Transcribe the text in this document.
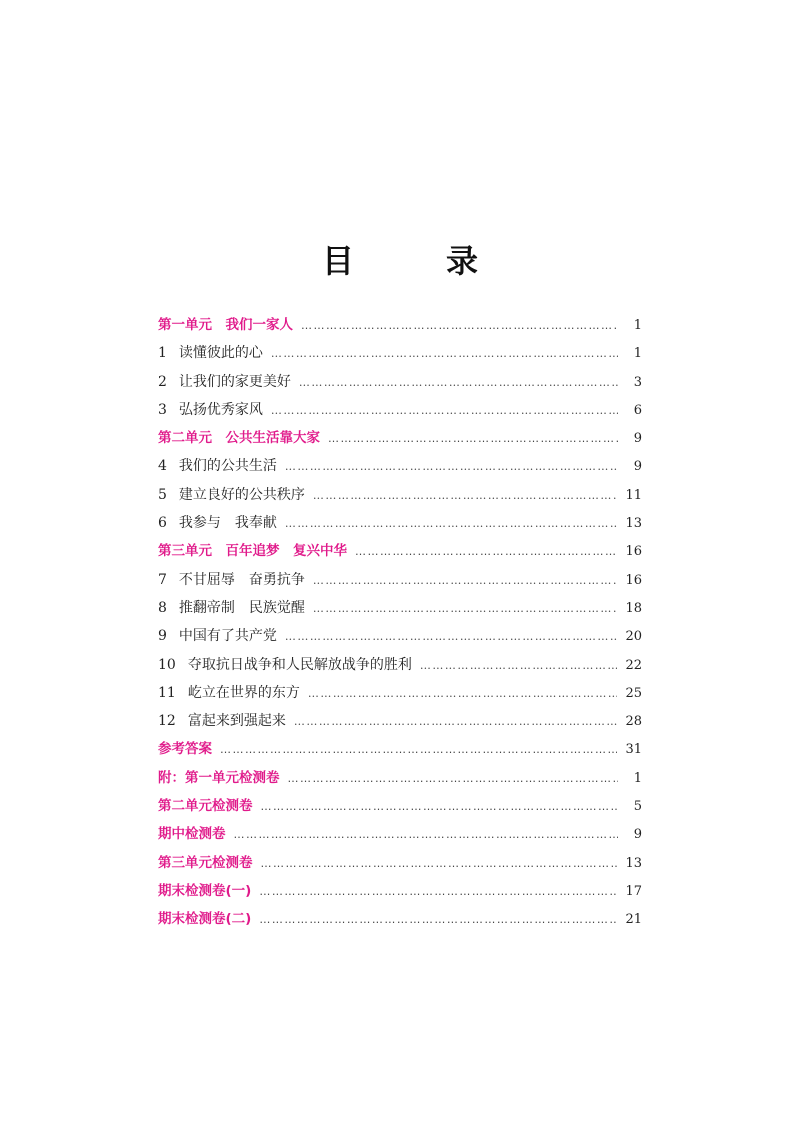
目　录
第一单元　我们一家人 …………………………………………………………………………………………………………………………………………………………………………………………………	1
1 读懂彼此的心 …………………………………………………………………………………………………………………………………………………………………………………………………	1
2 让我们的家更美好 …………………………………………………………………………………………………………………………………………………………………………………………………	3
3 弘扬优秀家风 …………………………………………………………………………………………………………………………………………………………………………………………………	6
第二单元　公共生活靠大家 …………………………………………………………………………………………………………………………………………………………………………………………………	9
4 我们的公共生活 …………………………………………………………………………………………………………………………………………………………………………………………………	9
5 建立良好的公共秩序 …………………………………………………………………………………………………………………………………………………………………………………………………	11
6 我参与　我奉献 …………………………………………………………………………………………………………………………………………………………………………………………………	13
第三单元　百年追梦　复兴中华 …………………………………………………………………………………………………………………………………………………………………………………………………	16
7 不甘屈辱　奋勇抗争 …………………………………………………………………………………………………………………………………………………………………………………………………	16
8 推翻帝制　民族觉醒 …………………………………………………………………………………………………………………………………………………………………………………………………	18
9 中国有了共产党 …………………………………………………………………………………………………………………………………………………………………………………………………	20
10 夺取抗日战争和人民解放战争的胜利 …………………………………………………………………………………………………………………………………………………………………………………………………	22
11 屹立在世界的东方 …………………………………………………………………………………………………………………………………………………………………………………………………	25
12 富起来到强起来 …………………………………………………………………………………………………………………………………………………………………………………………………	28
参考答案 …………………………………………………………………………………………………………………………………………………………………………………………………	31
附：第一单元检测卷 …………………………………………………………………………………………………………………………………………………………………………………………………	1
第二单元检测卷 …………………………………………………………………………………………………………………………………………………………………………………………………	5
期中检测卷 …………………………………………………………………………………………………………………………………………………………………………………………………	9
第三单元检测卷 …………………………………………………………………………………………………………………………………………………………………………………………………	13
期末检测卷(一) …………………………………………………………………………………………………………………………………………………………………………………………………	17
期末检测卷(二) …………………………………………………………………………………………………………………………………………………………………………………………………	21
